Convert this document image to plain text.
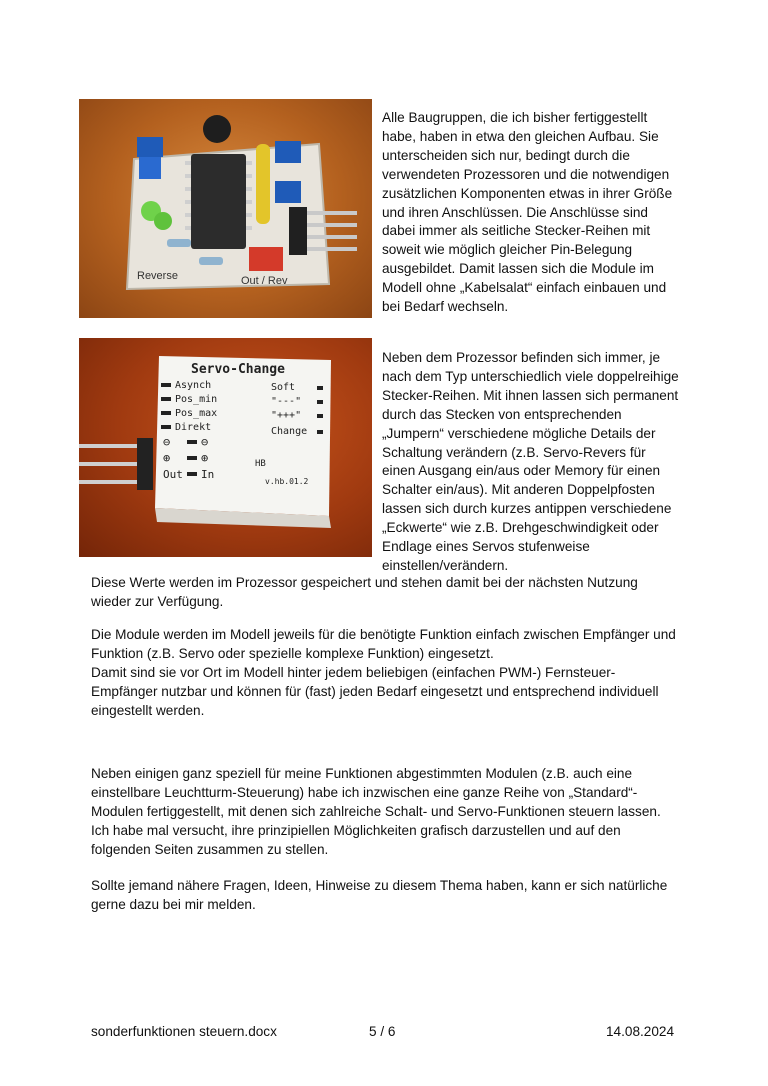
Reverse	Out / Rev
Servo-Change
Asynch
Pos_min
Pos_max
Direkt
Soft
"---"
"+++"
Change
⊖	⊖
⊕	⊕
Out In
HB
v.hb.01.2

Alle Baugruppen, die ich bisher fertiggestellt habe, haben in etwa den gleichen Aufbau. Sie unterscheiden sich nur, bedingt durch die verwendeten Prozessoren und die notwendigen zusätzlichen Komponenten etwas in ihrer Größe und ihren Anschlüssen. Die Anschlüsse sind dabei immer als seitliche Stecker-Reihen mit soweit wie möglich gleicher Pin-Belegung ausgebildet. Damit lassen sich die Module im Modell ohne „Kabelsalat“ einfach einbauen und bei Bedarf wechseln.

Neben dem Prozessor befinden sich immer, je nach dem Typ unterschiedlich viele doppelreihige Stecker-Reihen. Mit ihnen lassen sich permanent durch das Stecken von entsprechenden „Jumpern“ verschiedene mögliche Details der Schaltung verändern (z.B. Servo-Revers für einen Ausgang ein/aus oder Memory für einen Schalter ein/aus). Mit anderen Doppelpfosten lassen sich durch kurzes antippen verschiedene „Eckwerte“ wie z.B. Drehgeschwindigkeit oder Endlage eines Servos stufenweise einstellen/verändern.

Diese Werte werden im Prozessor gespeichert und stehen damit bei der nächsten Nutzung wieder zur Verfügung.

Die Module werden im Modell jeweils für die benötigte Funktion einfach zwischen Empfänger und Funktion (z.B. Servo oder spezielle komplexe Funktion) eingesetzt.

Damit sind sie vor Ort im Modell hinter jedem beliebigen (einfachen PWM-) Fernsteuer-Empfänger nutzbar und können für (fast) jeden Bedarf eingesetzt und entsprechend individuell eingestellt werden.

Neben einigen ganz speziell für meine Funktionen abgestimmten Modulen (z.B. auch eine einstellbare Leuchtturm-Steuerung) habe ich inzwischen eine ganze Reihe von „Standard“-Modulen fertiggestellt, mit denen sich zahlreiche Schalt- und Servo-Funktionen steuern lassen. Ich habe mal versucht, ihre prinzipiellen Möglichkeiten grafisch darzustellen und auf den folgenden Seiten zusammen zu stellen.

Sollte jemand nähere Fragen, Ideen, Hinweise zu diesem Thema haben, kann er sich natürliche gerne dazu bei mir melden.

sonderfunktionen steuern.docx	5 / 6	14.08.2024
